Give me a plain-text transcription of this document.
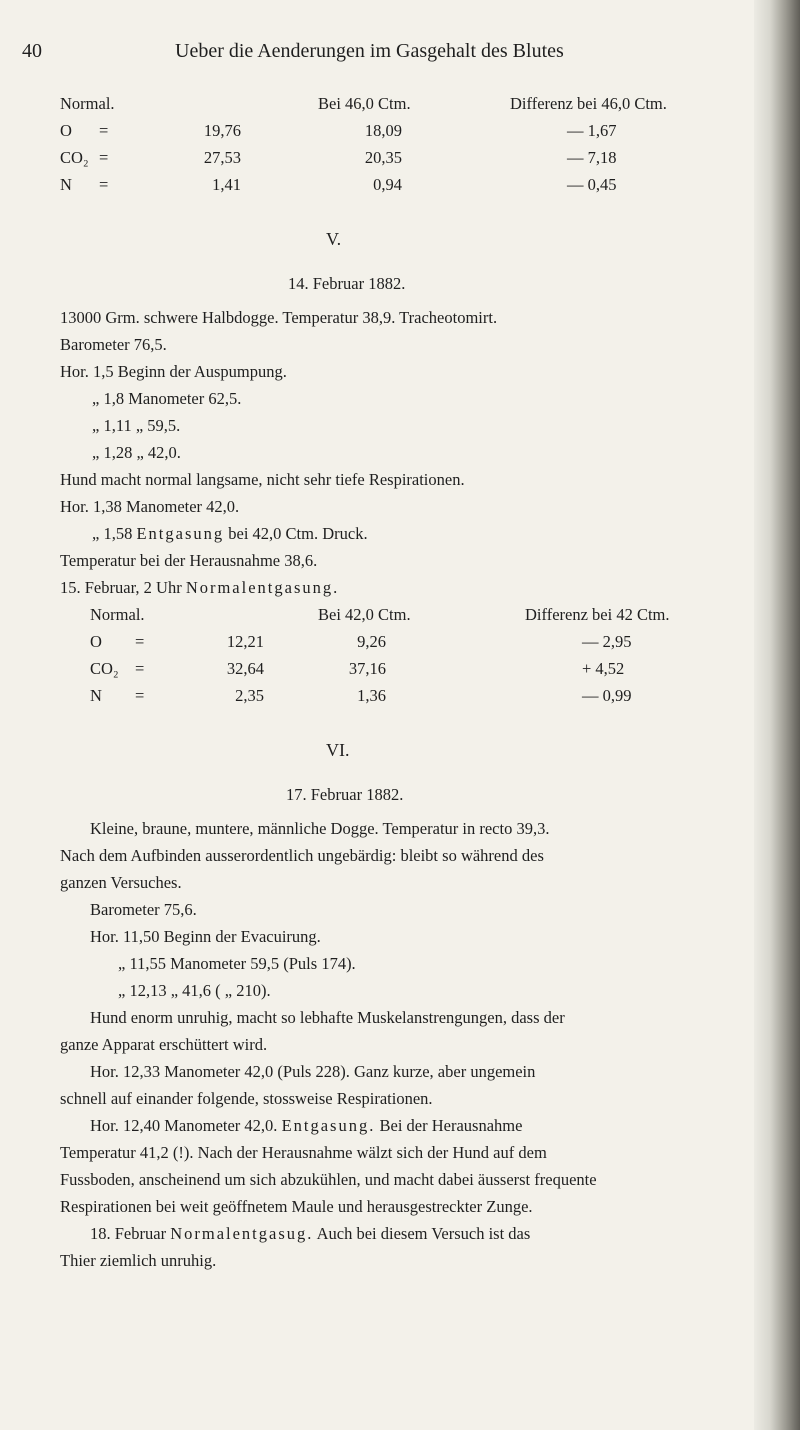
40	Ueber die Aenderungen im Gasgehalt des Blutes
Normal.	Bei 46,0 Ctm.	Differenz bei 46,0 Ctm.
O =	19,76	18,09	— 1,67
CO₂ =	27,53	20,35	— 7,18
N =	1,41	0,94	— 0,45
V.
14. Februar 1882.
13000 Grm. schwere Halbdogge. Temperatur 38,9. Tracheotomirt.
Barometer 76,5.
Hor. 1,5 Beginn der Auspumpung.
„ 1,8 Manometer 62,5.
„ 1,11 „ 59,5.
„ 1,28 „ 42,0.
Hund macht normal langsame, nicht sehr tiefe Respirationen.
Hor. 1,38 Manometer 42,0.
„ 1,58 Entgasung bei 42,0 Ctm. Druck.
Temperatur bei der Herausnahme 38,6.
15. Februar, 2 Uhr Normalentgasung.
Normal.	Bei 42,0 Ctm.	Differenz bei 42 Ctm.
O =	12,21	9,26	— 2,95
CO₂ =	32,64	37,16	+ 4,52
N =	2,35	1,36	— 0,99
VI.
17. Februar 1882.
Kleine, braune, muntere, männliche Dogge. Temperatur in recto 39,3.
Nach dem Aufbinden ausserordentlich ungebärdig: bleibt so während des
ganzen Versuches.
Barometer 75,6.
Hor. 11,50 Beginn der Evacuirung.
„ 11,55 Manometer 59,5 (Puls 174).
„ 12,13 „ 41,6 ( „ 210).
Hund enorm unruhig, macht so lebhafte Muskelanstrengungen, dass der
ganze Apparat erschüttert wird.
Hor. 12,33 Manometer 42,0 (Puls 228). Ganz kurze, aber ungemein
schnell auf einander folgende, stossweise Respirationen.
Hor. 12,40 Manometer 42,0. Entgasung. Bei der Herausnahme
Temperatur 41,2 (!). Nach der Herausnahme wälzt sich der Hund auf dem
Fussboden, anscheinend um sich abzukühlen, und macht dabei äusserst frequente
Respirationen bei weit geöffnetem Maule und herausgestreckter Zunge.
18. Februar Normalentgasug. Auch bei diesem Versuch ist das
Thier ziemlich unruhig.
